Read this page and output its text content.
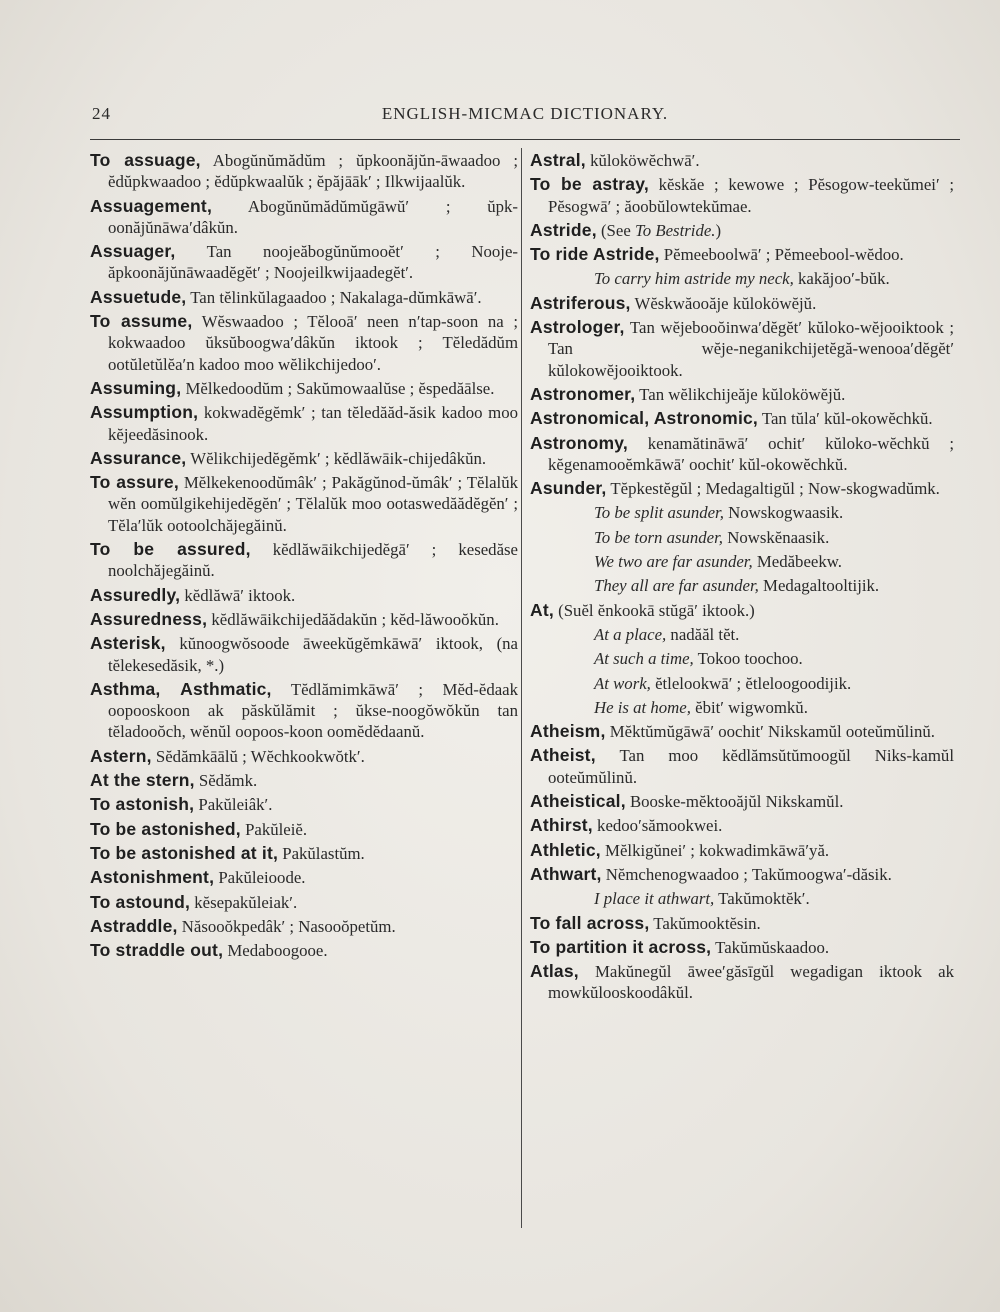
24	ENGLISH-MICMAC DICTIONARY.
To assuage, Abogŭnŭmădŭm ; ŭpkoonăjŭn-āwaadoo ; ĕdŭpkwaadoo ; ĕdŭpkwaalŭk ; ĕpăjāāk′ ; Ilkwijaalŭk.
Assuagement, Abogŭnŭmădŭmŭgāwŭ′ ; ŭpk-oonăjŭnāwa′dâkŭn.
Assuager, Tan noojeăbogŭnŭmooĕt′ ; Nooje-ăpkoonăjŭnāwaadĕgĕt′ ; Noojeilkwijaadegĕt′.
Assuetude, Tan tĕlinkŭlagaadoo ; Nakalaga-dŭmkāwā′.
To assume, Wĕswaadoo ; Tĕlooā′ neen n′tap-soon na ; kokwaadoo ŭksŭboogwa′dâkŭn iktook ; Tĕledădŭm ootŭletŭlĕa′n kadoo moo wĕlikchijedoo′.
Assuming, Mĕlkedoodŭm ; Sakŭmowaalŭse ; ĕspedăālse.
Assumption, kokwadĕgĕmk′ ; tan tĕledăăd-ăsik kadoo moo kĕjeedăsinook.
Assurance, Wĕlikchijedĕgĕmk′ ; kĕdlăwāik-chijedâkŭn.
To assure, Mĕlkekenoodŭmâk′ ; Pakăgŭnod-ŭmâk′ ; Tĕlalŭk wĕn oomŭlgikehijedĕgĕn′ ; Tĕlalŭk moo ootaswedăădĕgĕn′ ; Tĕla′lŭk ootoolchăjegăinŭ.
To be assured, kĕdlăwāikchijedĕgā′ ; kesedăse noolchăjegăinŭ.
Assuredly, kĕdlăwā′ iktook.
Assuredness, kĕdlăwāikchijedăădakŭn ; kĕd-lăwooŏkŭn.
Asterisk, kŭnoogwŏsoode āweekŭgĕmkāwā′ iktook, (na tĕlekesedăsik, *.)
Asthma, Asthmatic, Tĕdlămimkāwā′ ; Mĕd-ĕdaak oopooskoon ak păskŭlămit ; ŭkse-noogŏwŏkŭn tan tĕladooŏch, wĕnŭl oopoos-koon oomĕdĕdaanŭ.
Astern, Sĕdămkāālŭ ; Wĕchkookwŏtk′.
At the stern, Sĕdămk.
To astonish, Pakŭleiâk′.
To be astonished, Pakŭleiĕ.
To be astonished at it, Pakŭlastŭm.
Astonishment, Pakŭleioode.
To astound, kĕsepakŭleiak′.
Astraddle, Năsooŏkpedâk′ ; Nasooŏpetŭm.
To straddle out, Medaboogooe.
Astral, kŭloköwĕchwā′.
To be astray, kĕskăe ; kewowe ; Pĕsogow-teekŭmei′ ; Pĕsogwā′ ; ăoobŭlowtekŭmae.
Astride, (See To Bestride.)
To ride Astride, Pĕmeeboolwā′ ; Pĕmeebool-wĕdoo.
To carry him astride my neck, kakăjoo′-bŭk.
Astriferous, Wĕskwăooăje kŭloköwĕjŭ.
Astrologer, Tan wĕjebooŏinwa′dĕgĕt′ kŭloko-wĕjooiktook ; Tan wĕje-neganikchijetĕgă-wenooa′dĕgĕt′ kŭlokowĕjooiktook.
Astronomer, Tan wĕlikchijeăje kŭloköwĕjŭ.
Astronomical, Astronomic, Tan tŭla′ kŭl-okowĕchkŭ.
Astronomy, kenamătināwā′ ochit′ kŭloko-wĕchkŭ ; kĕgenamooĕmkāwā′ oochit′ kŭl-okowĕchkŭ.
Asunder, Tĕpkestĕgŭl ; Medagaltigŭl ; Now-skogwadŭmk.
To be split asunder, Nowskogwaasik.
To be torn asunder, Nowskĕnaasik.
We two are far asunder, Medăbeekw.
They all are far asunder, Medagaltooltijik.
At, (Suĕl ĕnkookā stŭgā′ iktook.)
At a place, nadăăl tĕt.
At such a time, Tokoo toochoo.
At work, ĕtlelookwā′ ; ĕtleloogoodijik.
He is at home, ĕbit′ wigwomkŭ.
Atheism, Mĕktŭmŭgāwā′ oochit′ Nikskamŭl ooteŭmŭlinŭ.
Atheist, Tan moo kĕdlămsŭtŭmoogŭl Niks-kamŭl ooteŭmŭlinŭ.
Atheistical, Booske-mĕktooăjŭl Nikskamŭl.
Athirst, kedoo′sămookwei.
Athletic, Mĕlkigŭnei′ ; kokwadimkāwā′yă.
Athwart, Nĕmchenogwaadoo ; Takŭmoogwa′-dăsik.
I place it athwart, Takŭmoktĕk′.
To fall across, Takŭmooktĕsin.
To partition it across, Takŭmŭskaadoo.
Atlas, Makŭnegŭl āwee′găsīgŭl wegadigan iktook ak mowkŭlooskoodâkŭl.
